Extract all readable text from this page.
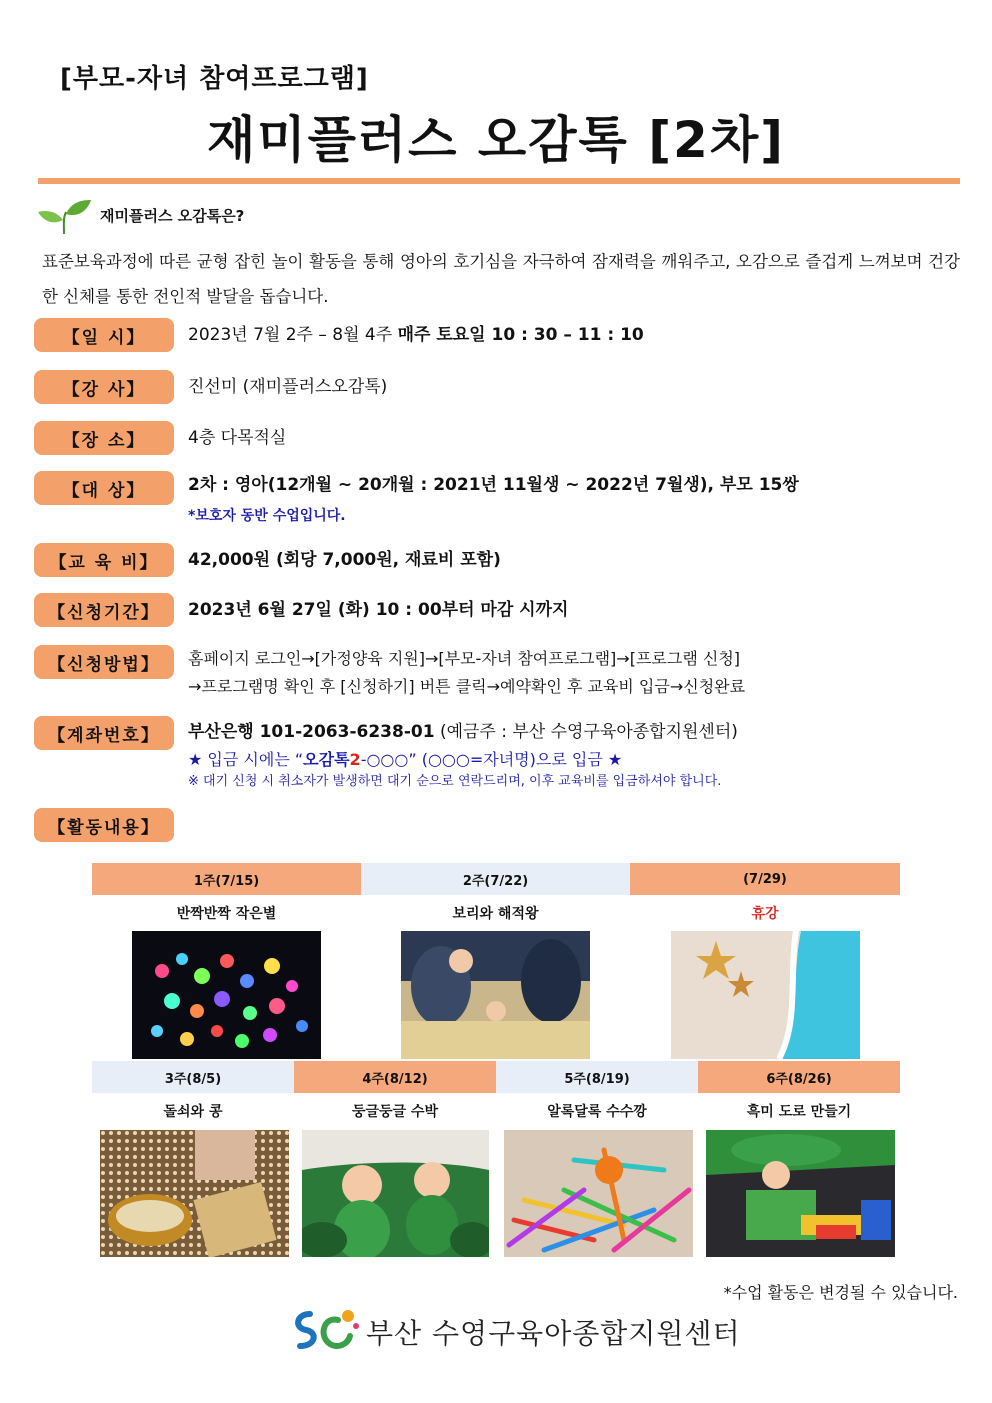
[부모-자녀 참여프로그램]
재미플러스 오감톡 [2차]
재미플러스 오감톡은?
표준보육과정에 따른 균형 잡힌 놀이 활동을 통해 영아의 호기심을 자극하여 잠재력을 깨워주고, 오감으로 즐겁게 느껴보며 건강한 신체를 통한 전인적 발달을 돕습니다.
【일 시】	2023년 7월 2주 – 8월 4주 매주 토요일 10 : 30 – 11 : 10
【강 사】	진선미 (재미플러스오감톡)
【장 소】	4층 다목적실
【대 상】	2차 : 영아(12개월 ~ 20개월 : 2021년 11월생 ~ 2022년 7월생), 부모 15쌍
*보호자 동반 수업입니다.
【교 육 비】	42,000원 (회당 7,000원, 재료비 포함)
【신청기간】	2023년 6월 27일 (화) 10 : 00부터 마감 시까지
【신청방법】	홈페이지 로그인→[가정양육 지원]→[부모-자녀 참여프로그램]→[프로그램 신청]
→프로그램명 확인 후 [신청하기] 버튼 클릭→예약확인 후 교육비 입금→신청완료
【계좌번호】	부산은행 101-2063-6238-01 (예금주 : 부산 수영구육아종합지원센터)
★ 입금 시에는 “오감톡2-○○○” (○○○=자녀명)으로 입금 ★
※ 대기 신청 시 취소자가 발생하면 대기 순으로 연락드리며, 이후 교육비를 입금하셔야 합니다.
【활동내용】
1주(7/15)	2주(7/22)	(7/29)
반짝반짝 작은별	보리와 해적왕	휴강
3주(8/5)	4주(8/12)	5주(8/19)	6주(8/26)
돌쇠와 콩	둥글둥글 수박	알록달록 수수깡	흑미 도로 만들기
*수업 활동은 변경될 수 있습니다.
부산 수영구육아종합지원센터
